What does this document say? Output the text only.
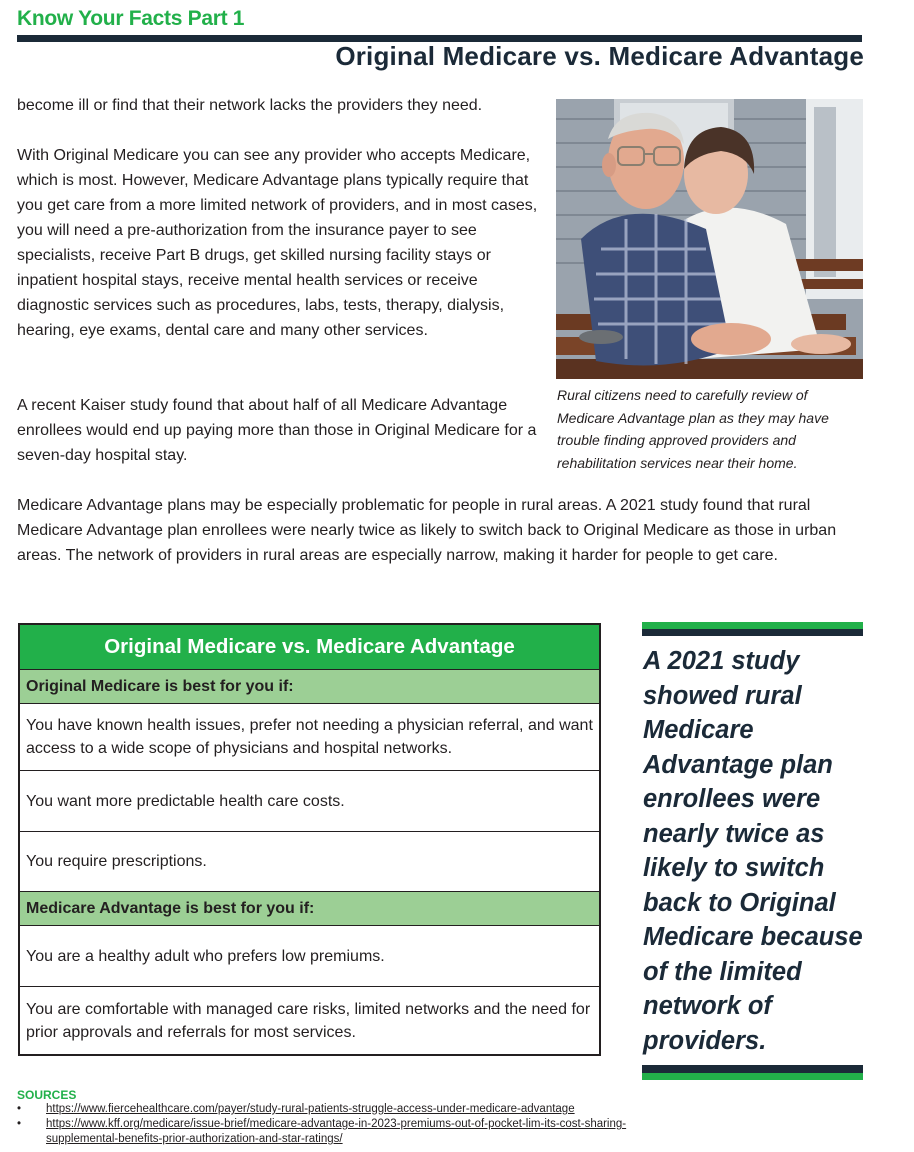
Know Your Facts Part 1
Original Medicare vs. Medicare Advantage

become ill or find that their network lacks the providers they need.

With Original Medicare you can see any provider who accepts Medicare, which is most. However, Medicare Advantage plans typically require that you get care from a more limited network of providers, and in most cases, you will need a pre-authorization from the insurance payer to see specialists, receive Part B drugs, get skilled nursing facility stays or inpatient hospital stays, receive mental health services or receive diagnostic services such as procedures, labs, tests, therapy, dialysis, hearing, eye exams, dental care and many other services.

A recent Kaiser study found that about half of all Medicare Advantage enrollees would end up paying more than those in Original Medicare for a seven-day hospital stay.

Medicare Advantage plans may be especially problematic for people in rural areas. A 2021 study found that rural Medicare Advantage plan enrollees were nearly twice as likely to switch back to Original Medicare as those in urban areas. The network of providers in rural areas are especially narrow, making it harder for people to get care.

Rural citizens need to carefully review of Medicare Advantage plan as they may have trouble finding approved providers and rehabilitation services near their home.

Original Medicare vs. Medicare Advantage
Original Medicare is best for you if:
You have known health issues, prefer not needing a physician referral, and want access to a wide scope of physicians and hospital networks.
You want more predictable health care costs.
You require prescriptions.
Medicare Advantage is best for you if:
You are a healthy adult who prefers low premiums.
You are comfortable with managed care risks, limited networks and the need for prior approvals and referrals for most services.
A 2021 study showed rural Medicare Advantage plan enrollees were nearly twice as likely to switch back to Original Medicare because of the limited network of providers.
SOURCES
• https://www.fiercehealthcare.com/payer/study-rural-patients-struggle-access-under-medicare-advantage
• https://www.kff.org/medicare/issue-brief/medicare-advantage-in-2023-premiums-out-of-pocket-lim-its-cost-sharing-supplemental-benefits-prior-authorization-and-star-ratings/
